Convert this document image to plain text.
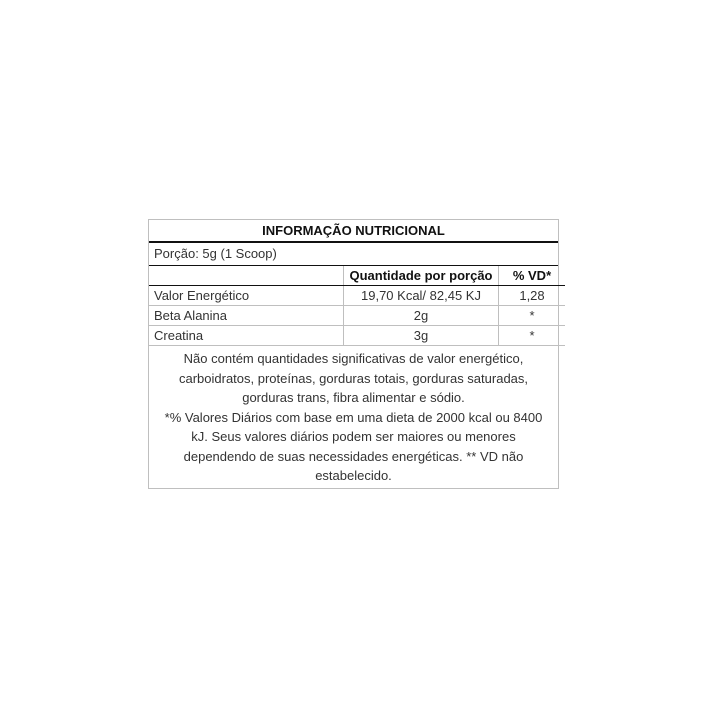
INFORMAÇÃO NUTRICIONAL
Porção: 5g (1 Scoop)
	Quantidade por porção	% VD*
Valor Energético	19,70 Kcal/ 82,45 KJ	1,28
Beta Alanina	2g	*
Creatina	3g	*

Não contém quantidades significativas de valor energético, carboidratos, proteínas, gorduras totais, gorduras saturadas, gorduras trans, fibra alimentar e sódio.

*% Valores Diários com base em uma dieta de 2000 kcal ou 8400 kJ. Seus valores diários podem ser maiores ou menores dependendo de suas necessidades energéticas. ** VD não estabelecido.
